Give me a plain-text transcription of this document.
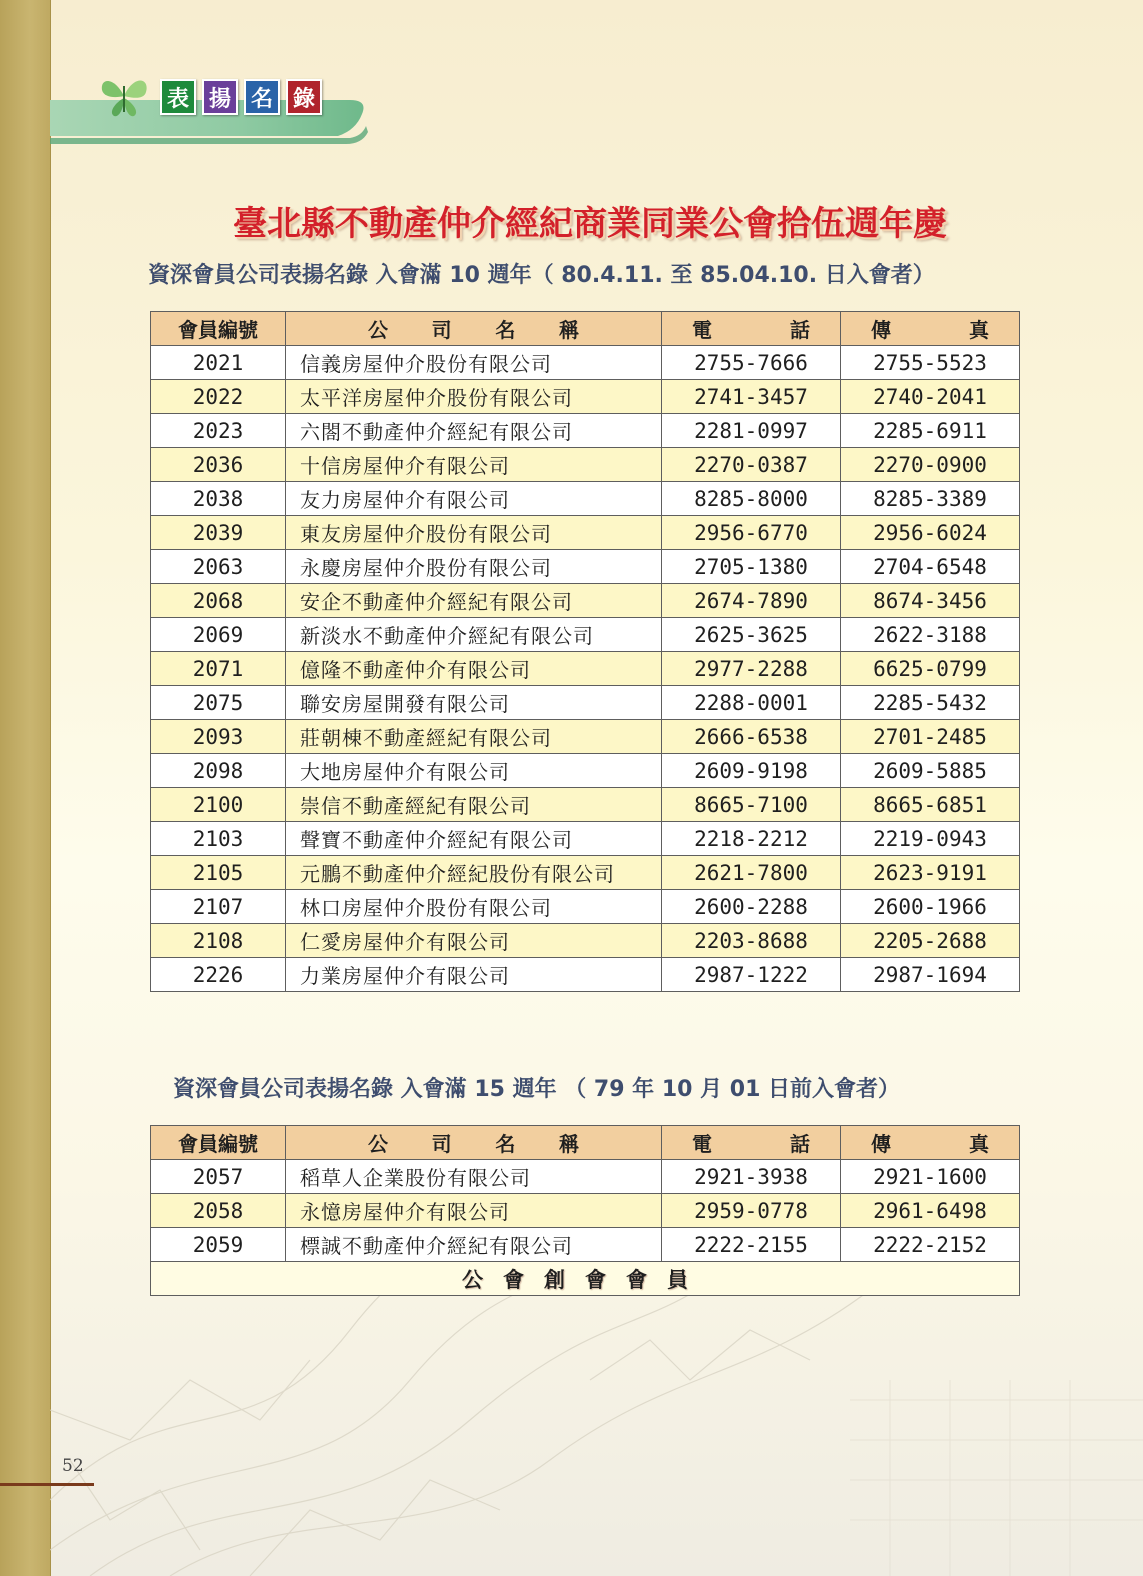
表 揚 名 錄
臺北縣不動產仲介經紀商業同業公會拾伍週年慶
資深會員公司表揚名錄 入會滿 10 週年（ 80.4.11. 至 85.04.10. 日入會者）
會員編號	公 司 名 稱	電 話	傳 真

2021	信義房屋仲介股份有限公司	2755-7666	2755-5523
2022	太平洋房屋仲介股份有限公司	2741-3457	2740-2041
2023	六閤不動產仲介經紀有限公司	2281-0997	2285-6911
2036	十信房屋仲介有限公司	2270-0387	2270-0900
2038	友力房屋仲介有限公司	8285-8000	8285-3389
2039	東友房屋仲介股份有限公司	2956-6770	2956-6024
2063	永慶房屋仲介股份有限公司	2705-1380	2704-6548
2068	安企不動產仲介經紀有限公司	2674-7890	8674-3456
2069	新淡水不動產仲介經紀有限公司	2625-3625	2622-3188
2071	億隆不動產仲介有限公司	2977-2288	6625-0799
2075	聯安房屋開發有限公司	2288-0001	2285-5432
2093	莊朝棟不動產經紀有限公司	2666-6538	2701-2485
2098	大地房屋仲介有限公司	2609-9198	2609-5885
2100	崇信不動產經紀有限公司	8665-7100	8665-6851
2103	聲寶不動產仲介經紀有限公司	2218-2212	2219-0943
2105	元鵬不動產仲介經紀股份有限公司	2621-7800	2623-9191
2107	林口房屋仲介股份有限公司	2600-2288	2600-1966
2108	仁愛房屋仲介有限公司	2203-8688	2205-2688
2226	力業房屋仲介有限公司	2987-1222	2987-1694
資深會員公司表揚名錄 入會滿 15 週年 （ 79 年 10 月 01 日前入會者）
會員編號	公 司 名 稱	電 話	傳 真

2057	稻草人企業股份有限公司	2921-3938	2921-1600
2058	永憶房屋仲介有限公司	2959-0778	2961-6498
2059	標誠不動產仲介經紀有限公司	2222-2155	2222-2152
公會創會會員			
52
